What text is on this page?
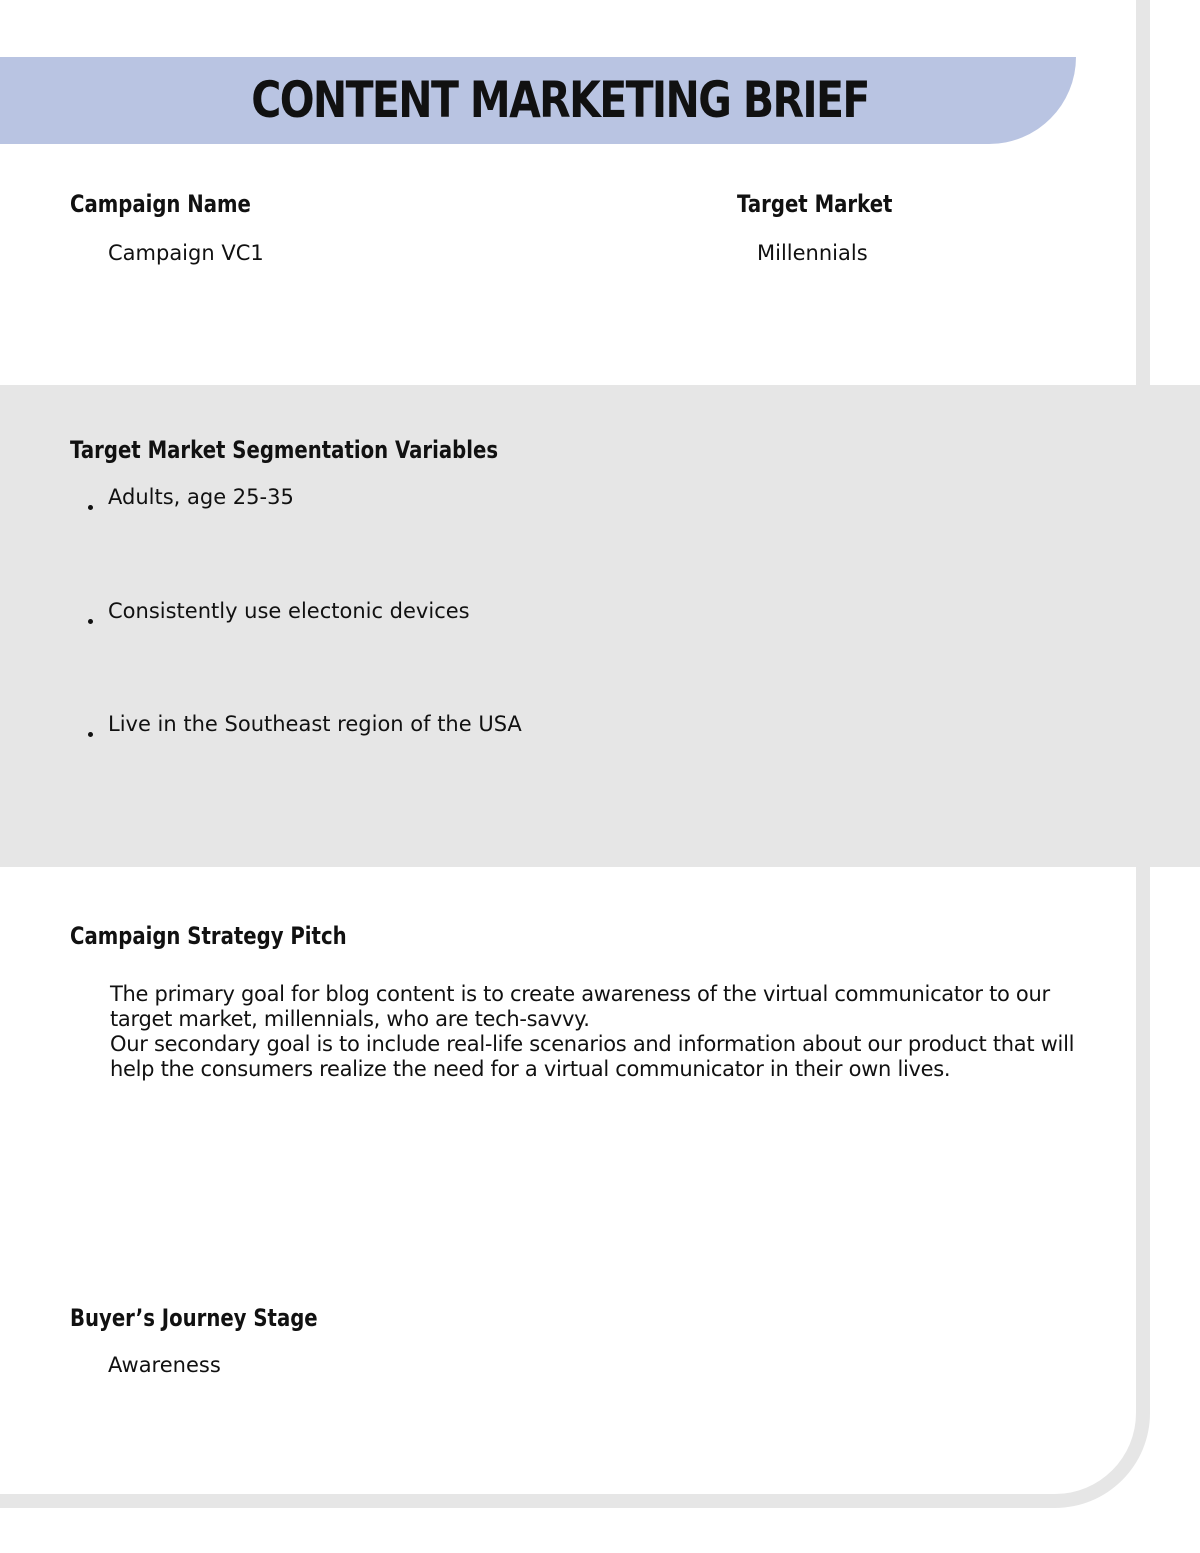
CONTENT MARKETING BRIEF
Campaign Name
Campaign VC1
Target Market
Millennials
Target Market Segmentation Variables
Adults, age 25-35
Consistently use electonic devices
Live in the Southeast region of the USA
Campaign Strategy Pitch

The primary goal for blog content is to create awareness of the virtual communicator to our target market, millennials, who are tech-savvy.

Our secondary goal is to include real-life scenarios and information about our product that will help the consumers realize the need for a virtual communicator in their own lives.

Buyer’s Journey Stage
Awareness
